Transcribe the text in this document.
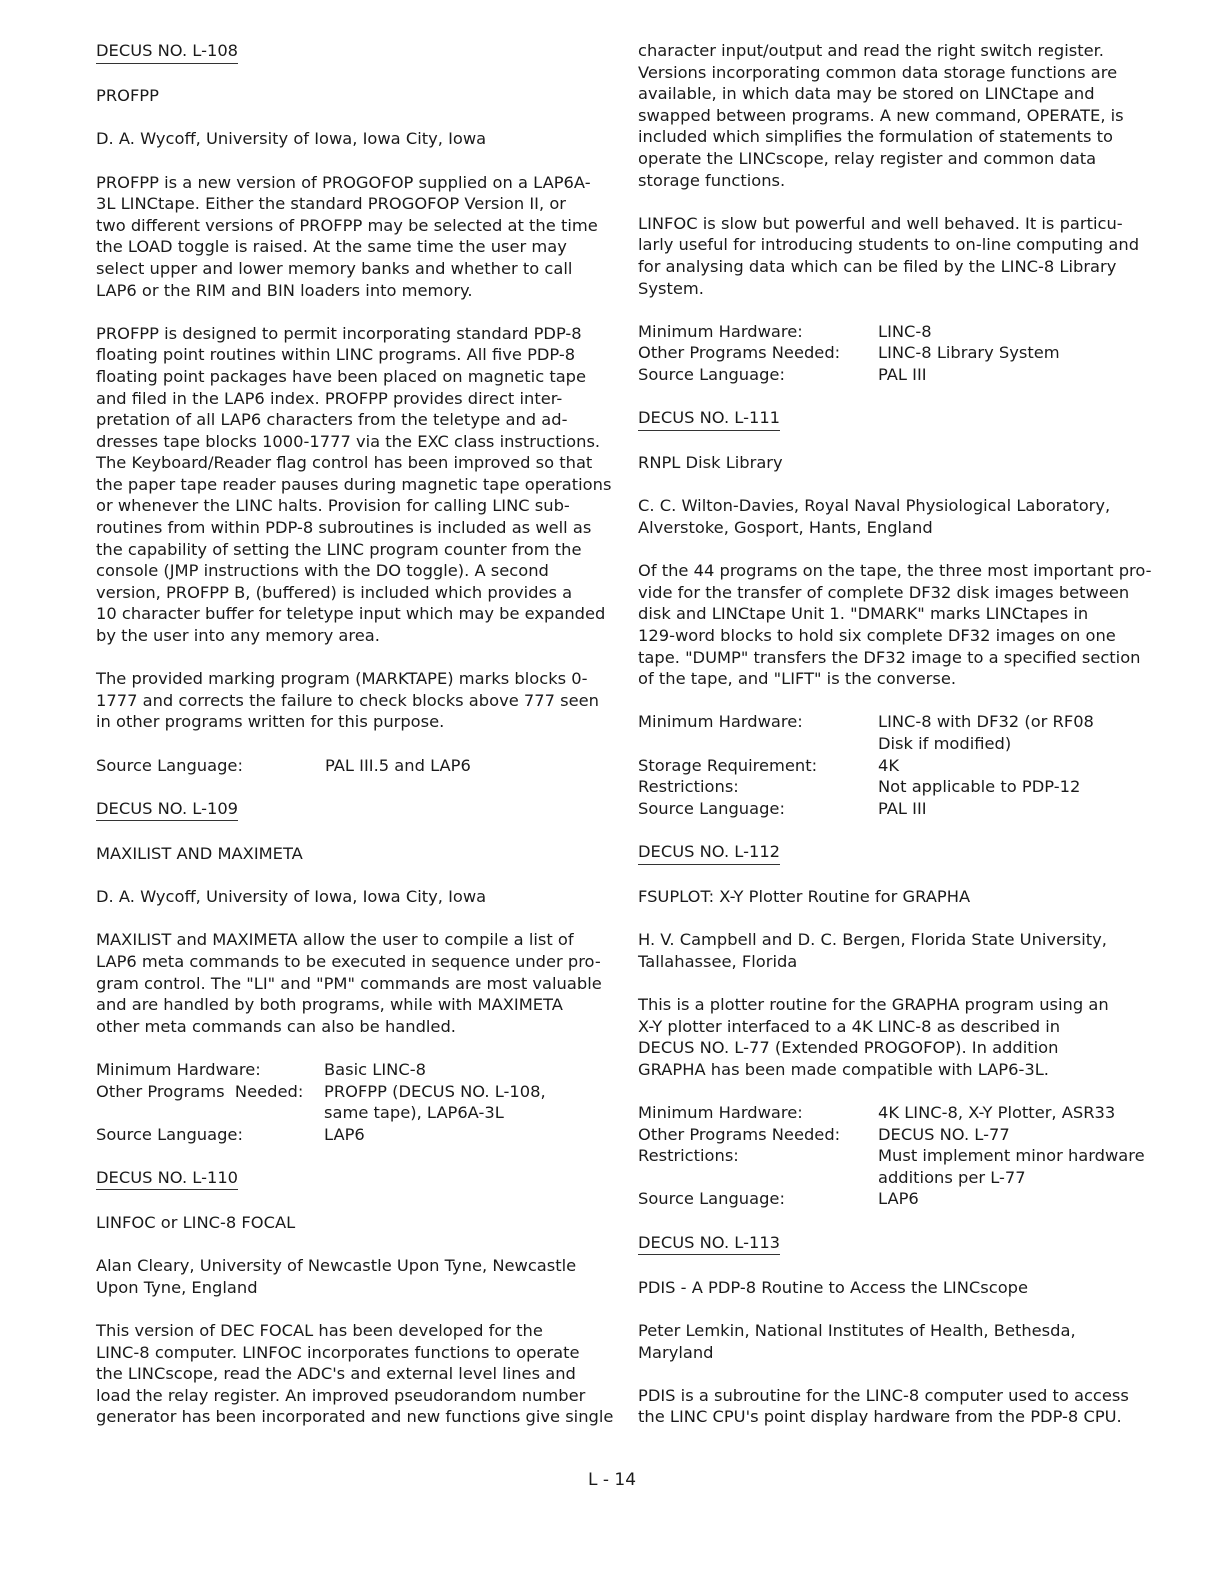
DECUS NO. L-108

PROFPP

D. A. Wycoff, University of Iowa, Iowa City, Iowa

PROFPP is a new version of PROGOFOP supplied on a LAP6A-
3L LINCtape. Either the standard PROGOFOP Version II, or
two different versions of PROFPP may be selected at the time
the LOAD toggle is raised. At the same time the user may
select upper and lower memory banks and whether to call
LAP6 or the RIM and BIN loaders into memory.
PROFPP is designed to permit incorporating standard PDP-8
floating point routines within LINC programs. All five PDP-8
floating point packages have been placed on magnetic tape
and filed in the LAP6 index. PROFPP provides direct inter-
pretation of all LAP6 characters from the teletype and ad-
dresses tape blocks 1000-1777 via the EXC class instructions.
The Keyboard/Reader flag control has been improved so that
the paper tape reader pauses during magnetic tape operations
or whenever the LINC halts. Provision for calling LINC sub-
routines from within PDP-8 subroutines is included as well as
the capability of setting the LINC program counter from the
console (JMP instructions with the DO toggle). A second
version, PROFPP B, (buffered) is included which provides a
10 character buffer for teletype input which may be expanded
by the user into any memory area.
The provided marking program (MARKTAPE) marks blocks 0-
1777 and corrects the failure to check blocks above 777 seen
in other programs written for this purpose.
Source Language:	PAL III.5 and LAP6

DECUS NO. L-109

MAXILIST AND MAXIMETA

D. A. Wycoff, University of Iowa, Iowa City, Iowa

MAXILIST and MAXIMETA allow the user to compile a list of
LAP6 meta commands to be executed in sequence under pro-
gram control. The "LI" and "PM" commands are most valuable
and are handled by both programs, while with MAXIMETA
other meta commands can also be handled.
Minimum Hardware:	Basic LINC-8

Other Programs  Needed:	PROFPP (DECUS NO. L-108,
same tape), LAP6A-3L

Source Language:	LAP6

DECUS NO. L-110

LINFOC or LINC-8 FOCAL

Alan Cleary, University of Newcastle Upon Tyne, Newcastle
Upon Tyne, England
This version of DEC FOCAL has been developed for the
LINC-8 computer. LINFOC incorporates functions to operate
the LINCscope, read the ADC's and external level lines and
load the relay register. An improved pseudorandom number
generator has been incorporated and new functions give single
character input/output and read the right switch register.
Versions incorporating common data storage functions are
available, in which data may be stored on LINCtape and
swapped between programs. A new command, OPERATE, is
included which simplifies the formulation of statements to
operate the LINCscope, relay register and common data
storage functions.
LINFOC is slow but powerful and well behaved. It is particu-
larly useful for introducing students to on-line computing and
for analysing data which can be filed by the LINC-8 Library
System.
Minimum Hardware:	LINC-8

Other Programs Needed:	LINC-8 Library System

Source Language:	PAL III

DECUS NO. L-111

RNPL Disk Library

C. C. Wilton-Davies, Royal Naval Physiological Laboratory,
Alverstoke, Gosport, Hants, England
Of the 44 programs on the tape, the three most important pro-
vide for the transfer of complete DF32 disk images between
disk and LINCtape Unit 1. "DMARK" marks LINCtapes in
129-word blocks to hold six complete DF32 images on one
tape. "DUMP" transfers the DF32 image to a specified section
of the tape, and "LIFT" is the converse.
Minimum Hardware:	LINC-8 with DF32 (or RF08
Disk if modified)

Storage Requirement:	4K

Restrictions:	Not applicable to PDP-12

Source Language:	PAL III

DECUS NO. L-112

FSUPLOT: X-Y Plotter Routine for GRAPHA

H. V. Campbell and D. C. Bergen, Florida State University,
Tallahassee, Florida
This is a plotter routine for the GRAPHA program using an
X-Y plotter interfaced to a 4K LINC-8 as described in
DECUS NO. L-77 (Extended PROGOFOP). In addition
GRAPHA has been made compatible with LAP6-3L.
Minimum Hardware:	4K LINC-8, X-Y Plotter, ASR33

Other Programs Needed:	DECUS NO. L-77

Restrictions:	Must implement minor hardware
additions per L-77

Source Language:	LAP6

DECUS NO. L-113

PDIS - A PDP-8 Routine to Access the LINCscope

Peter Lemkin, National Institutes of Health, Bethesda,
Maryland
PDIS is a subroutine for the LINC-8 computer used to access
the LINC CPU's point display hardware from the PDP-8 CPU.
L - 14
